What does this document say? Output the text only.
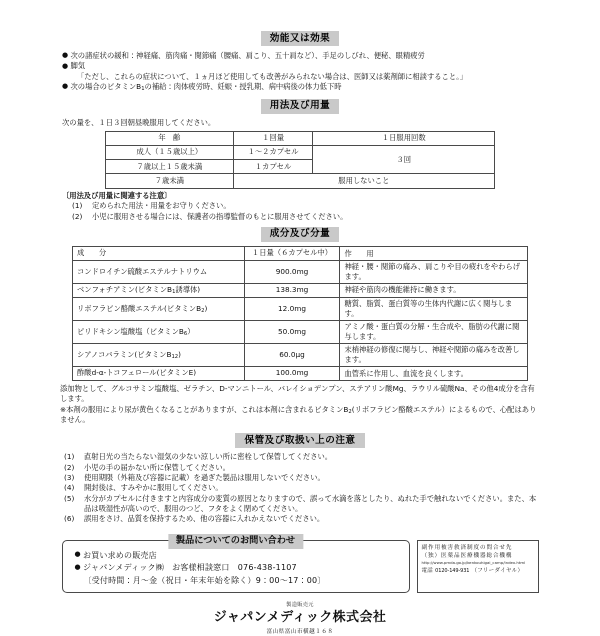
効能又は効果
● 次の諸症状の緩和：神経痛、筋肉痛・関節痛（腰痛、肩こり、五十肩など）、手足のしびれ、便秘、眼精疲労
● 脚気
「ただし、これらの症状について、１ヵ月ほど使用しても改善がみられない場合は、医師又は薬剤師に相談すること。」
● 次の場合のビタミンB1の補給：肉体疲労時、妊娠・授乳期、病中病後の体力低下時
用法及び用量
次の量を、１日３回朝昼晩服用してください。
年　齢	１回量	１日服用回数
成人（１５歳以上）	１～２カプセル	３回
７歳以上１５歳未満	１カプセル	
７歳未満	服用しないこと	
〔用法及び用量に関連する注意〕
(1) 定められた用法・用量をお守りください。
(2) 小児に服用させる場合には、保護者の指導監督のもとに服用させてください。
成分及び分量
成　　分	１日量（６カプセル中）	作　　用
コンドロイチン硫酸エステルナトリウム	900.0mg	神経・腰・関節の痛み、肩こりや目の疲れをやわらげます。
ベンフォチアミン(ビタミンB1誘導体)	138.3mg	神経や筋肉の機能維持に働きます。
リボフラビン酪酸エステル(ビタミンB2)	12.0mg	糖質、脂質、蛋白質等の生体内代謝に広く関与します。
ピリドキシン塩酸塩（ビタミンB6）	50.0mg	アミノ酸・蛋白質の分解・生合成や、脂肪の代謝に関与します。
シアノコバラミン(ビタミンB12)	60.0μg	末梢神経の修復に関与し、神経や関節の痛みを改善します。
酢酸d-α-トコフェロール(ビタミンE)	100.0mg	血管系に作用し、血流を良くします。
添加物として、グルコサミン塩酸塩、ゼラチン、D-マンニトール、バレイショデンプン、ステアリン酸Mg、ラウリル硫酸Na、その他4成分を含有します。
※本剤の服用により尿が黄色くなることがありますが、これは本剤に含まれるビタミンB2(リボフラビン酪酸エステル）によるもので、心配はありません。
保管及び取扱い上の注意
(1) 直射日光の当たらない湿気の少ない涼しい所に密栓して保管してください。
(2) 小児の手の届かない所に保管してください。
(3) 使用期限（外箱及び容器に記載）を過ぎた製品は服用しないでください。
(4) 開封後は、すみやかに服用してください。
(5) 水分がカプセルに付きますと内容成分の変質の原因となりますので、誤って水滴を落としたり、ぬれた手で触れないでください。また、本品は吸湿性が高いので、服用のつど、フタをよく閉めてください。
(6) 誤用をさけ、品質を保持するため、他の容器に入れかえないでください。
製品についてのお問い合わせ
● お買い求めの販売店
● ジャパンメディック㈱　お客様相談窓口　076-438-1107
〔受付時間：月～金（祝日・年末年始を除く）9：00～17：00〕
副作用被害救済制度の問合せ先
（独）医薬品医療機器総合機構
http://www.pmda.go.jp/kenkouhigai_camp/index.html
電話 0120-149-931 （フリーダイヤル）
製造販売元
ジャパンメディック株式会社
富山県富山市横越１６８
